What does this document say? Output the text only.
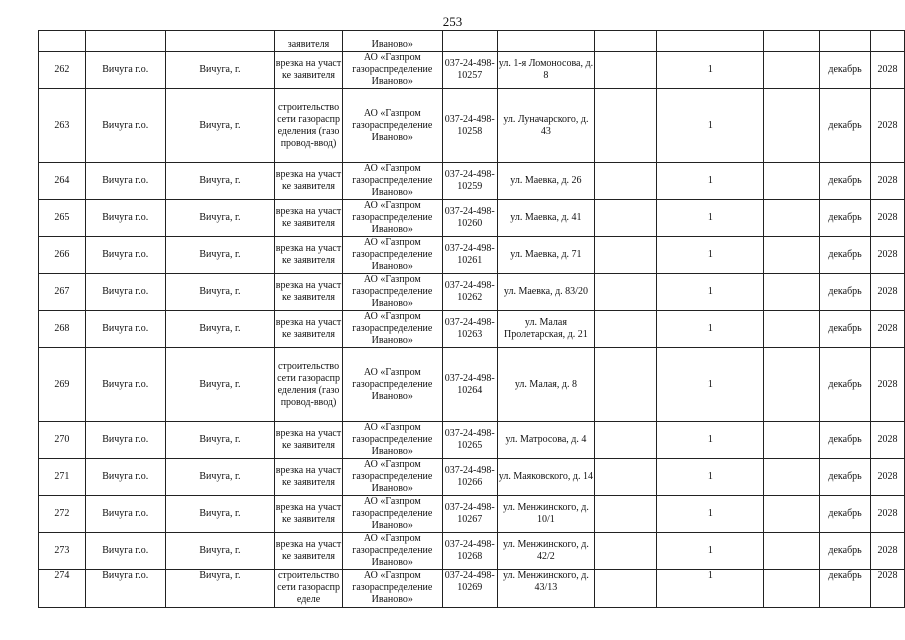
253
			заявителя	Иваново»							
262	Вичуга г.о.	Вичуга, г.	врезка на участке заявителя	АО «Газпром газораспределение Иваново»	037-24-498-10257	ул. 1-я Ломоносова, д. 8		1		декабрь	2028
263	Вичуга г.о.	Вичуга, г.	строительство сети газораспределения (газопровод-ввод)	АО «Газпром газораспределение Иваново»	037-24-498-10258	ул. Луначарского, д. 43		1		декабрь	2028
264	Вичуга г.о.	Вичуга, г.	врезка на участке заявителя	АО «Газпром газораспределение Иваново»	037-24-498-10259	ул. Маевка, д. 26		1		декабрь	2028
265	Вичуга г.о.	Вичуга, г.	врезка на участке заявителя	АО «Газпром газораспределение Иваново»	037-24-498-10260	ул. Маевка, д. 41		1		декабрь	2028
266	Вичуга г.о.	Вичуга, г.	врезка на участке заявителя	АО «Газпром газораспределение Иваново»	037-24-498-10261	ул. Маевка, д. 71		1		декабрь	2028
267	Вичуга г.о.	Вичуга, г.	врезка на участке заявителя	АО «Газпром газораспределение Иваново»	037-24-498-10262	ул. Маевка, д. 83/20		1		декабрь	2028
268	Вичуга г.о.	Вичуга, г.	врезка на участке заявителя	АО «Газпром газораспределение Иваново»	037-24-498-10263	ул. Малая Пролетарская, д. 21		1		декабрь	2028
269	Вичуга г.о.	Вичуга, г.	строительство сети газораспределения (газопровод-ввод)	АО «Газпром газораспределение Иваново»	037-24-498-10264	ул. Малая, д. 8		1		декабрь	2028
270	Вичуга г.о.	Вичуга, г.	врезка на участке заявителя	АО «Газпром газораспределение Иваново»	037-24-498-10265	ул. Матросова, д. 4		1		декабрь	2028
271	Вичуга г.о.	Вичуга, г.	врезка на участке заявителя	АО «Газпром газораспределение Иваново»	037-24-498-10266	ул. Маяковского, д. 14		1		декабрь	2028
272	Вичуга г.о.	Вичуга, г.	врезка на участке заявителя	АО «Газпром газораспределение Иваново»	037-24-498-10267	ул. Менжинского, д. 10/1		1		декабрь	2028
273	Вичуга г.о.	Вичуга, г.	врезка на участке заявителя	АО «Газпром газораспределение Иваново»	037-24-498-10268	ул. Менжинского, д. 42/2		1		декабрь	2028
274	Вичуга г.о.	Вичуга, г.	строительство сети газораспределе	АО «Газпром газораспределение Иваново»	037-24-498-10269	ул. Менжинского, д. 43/13		1		декабрь	2028
